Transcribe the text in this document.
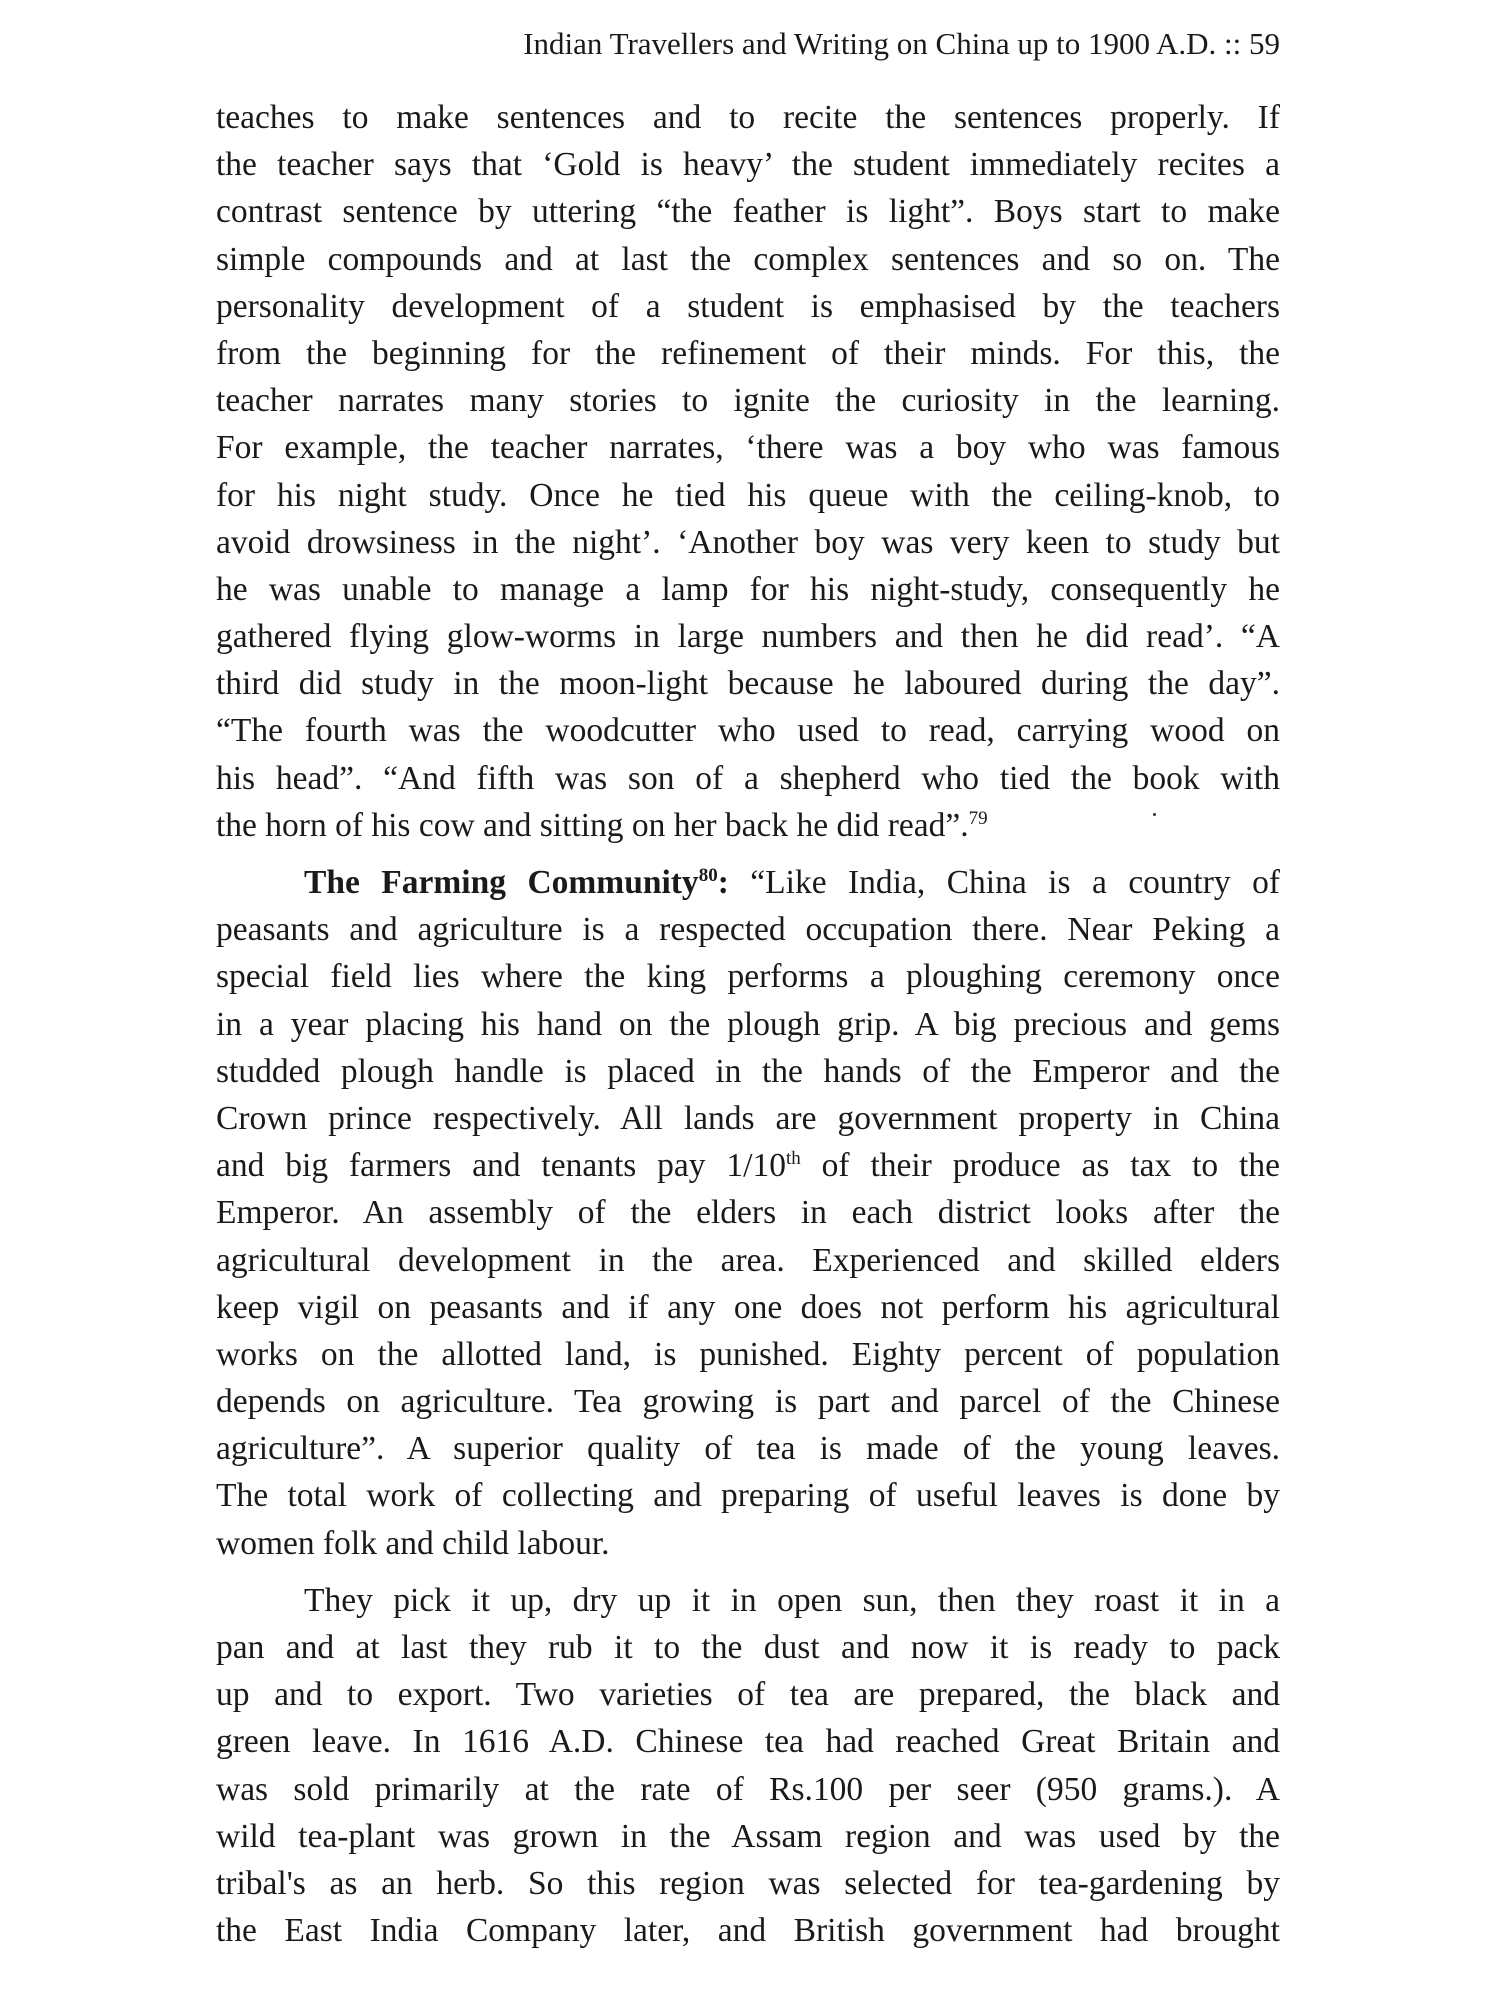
Indian Travellers and Writing on China up to 1900 A.D. :: 59

teaches to make sentences and to recite the sentences properly. If
the teacher says that ‘Gold is heavy’ the student immediately recites a
contrast sentence by uttering “the feather is light”. Boys start to make
simple compounds and at last the complex sentences and so on. The
personality development of a student is emphasised by the teachers
from the beginning for the refinement of their minds. For this, the
teacher narrates many stories to ignite the curiosity in the learning.
For example, the teacher narrates, ‘there was a boy who was famous
for his night study. Once he tied his queue with the ceiling-knob, to
avoid drowsiness in the night’. ‘Another boy was very keen to study but
he was unable to manage a lamp for his night-study, consequently he
gathered flying glow-worms in large numbers and then he did read’. “A
third did study in the moon-light because he laboured during the day”.
“The fourth was the woodcutter who used to read, carrying wood on
his head”. “And fifth was son of a shepherd who tied the book with
the horn of his cow and sitting on her back he did read”.$^{79}$

The Farming Community$^{80}$: “Like India, China is a country of
peasants and agriculture is a respected occupation there. Near Peking a
special field lies where the king performs a ploughing ceremony once
in a year placing his hand on the plough grip. A big precious and gems
studded plough handle is placed in the hands of the Emperor and the
Crown prince respectively. All lands are government property in China
and big farmers and tenants pay 1/10th of their produce as tax to the
Emperor. An assembly of the elders in each district looks after the
agricultural development in the area. Experienced and skilled elders
keep vigil on peasants and if any one does not perform his agricultural
works on the allotted land, is punished. Eighty percent of population
depends on agriculture. Tea growing is part and parcel of the Chinese
agriculture”. A superior quality of tea is made of the young leaves.
The total work of collecting and preparing of useful leaves is done by
women folk and child labour.

They pick it up, dry up it in open sun, then they roast it in a
pan and at last they rub it to the dust and now it is ready to pack
up and to export. Two varieties of tea are prepared, the black and
green leave. In 1616 A.D. Chinese tea had reached Great Britain and
was sold primarily at the rate of Rs.100 per seer (950 grams.). A
wild tea-plant was grown in the Assam region and was used by the
tribal's as an herb. So this region was selected for tea-gardening by
the East India Company later, and British government had brought
